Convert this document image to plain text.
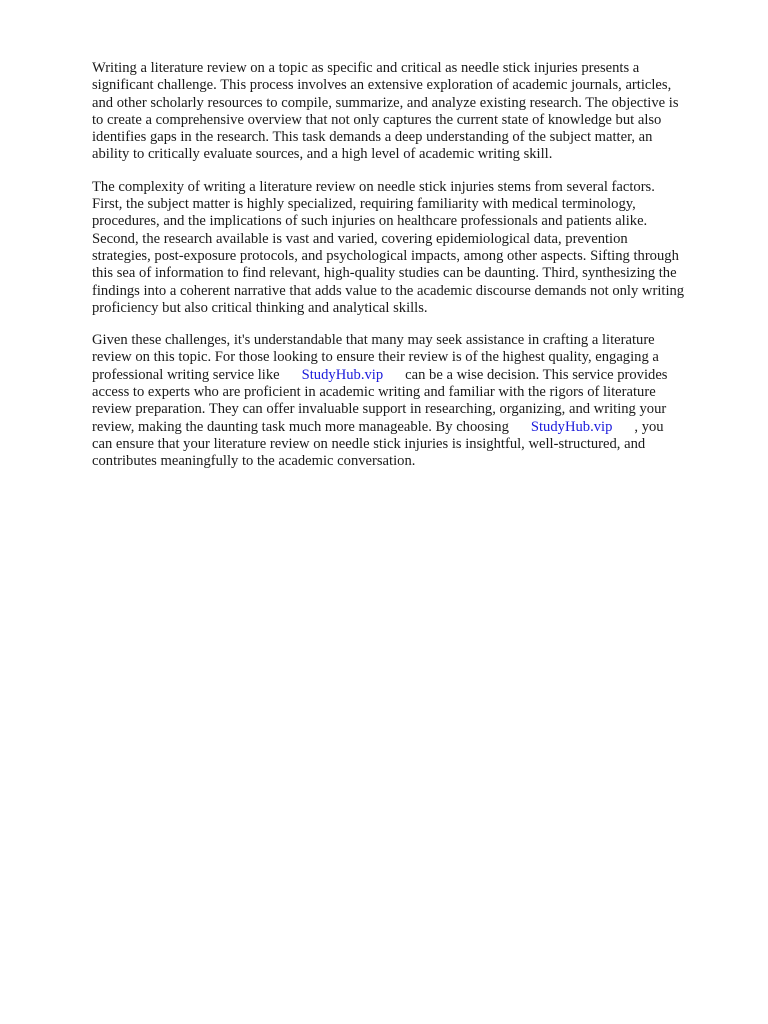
Writing a literature review on a topic as specific and critical as needle stick injuries presents a
significant challenge. This process involves an extensive exploration of academic journals, articles,
and other scholarly resources to compile, summarize, and analyze existing research. The objective is
to create a comprehensive overview that not only captures the current state of knowledge but also
identifies gaps in the research. This task demands a deep understanding of the subject matter, an
ability to critically evaluate sources, and a high level of academic writing skill.
The complexity of writing a literature review on needle stick injuries stems from several factors.
First, the subject matter is highly specialized, requiring familiarity with medical terminology,
procedures, and the implications of such injuries on healthcare professionals and patients alike.
Second, the research available is vast and varied, covering epidemiological data, prevention
strategies, post-exposure protocols, and psychological impacts, among other aspects. Sifting through
this sea of information to find relevant, high-quality studies can be daunting. Third, synthesizing the
findings into a coherent narrative that adds value to the academic discourse demands not only writing
proficiency but also critical thinking and analytical skills.
Given these challenges, it's understandable that many may seek assistance in crafting a literature
review on this topic. For those looking to ensure their review is of the highest quality, engaging a
professional writing service like StudyHub.vip can be a wise decision. This service provides
access to experts who are proficient in academic writing and familiar with the rigors of literature
review preparation. They can offer invaluable support in researching, organizing, and writing your
review, making the daunting task much more manageable. By choosing StudyHub.vip , you
can ensure that your literature review on needle stick injuries is insightful, well-structured, and
contributes meaningfully to the academic conversation.
